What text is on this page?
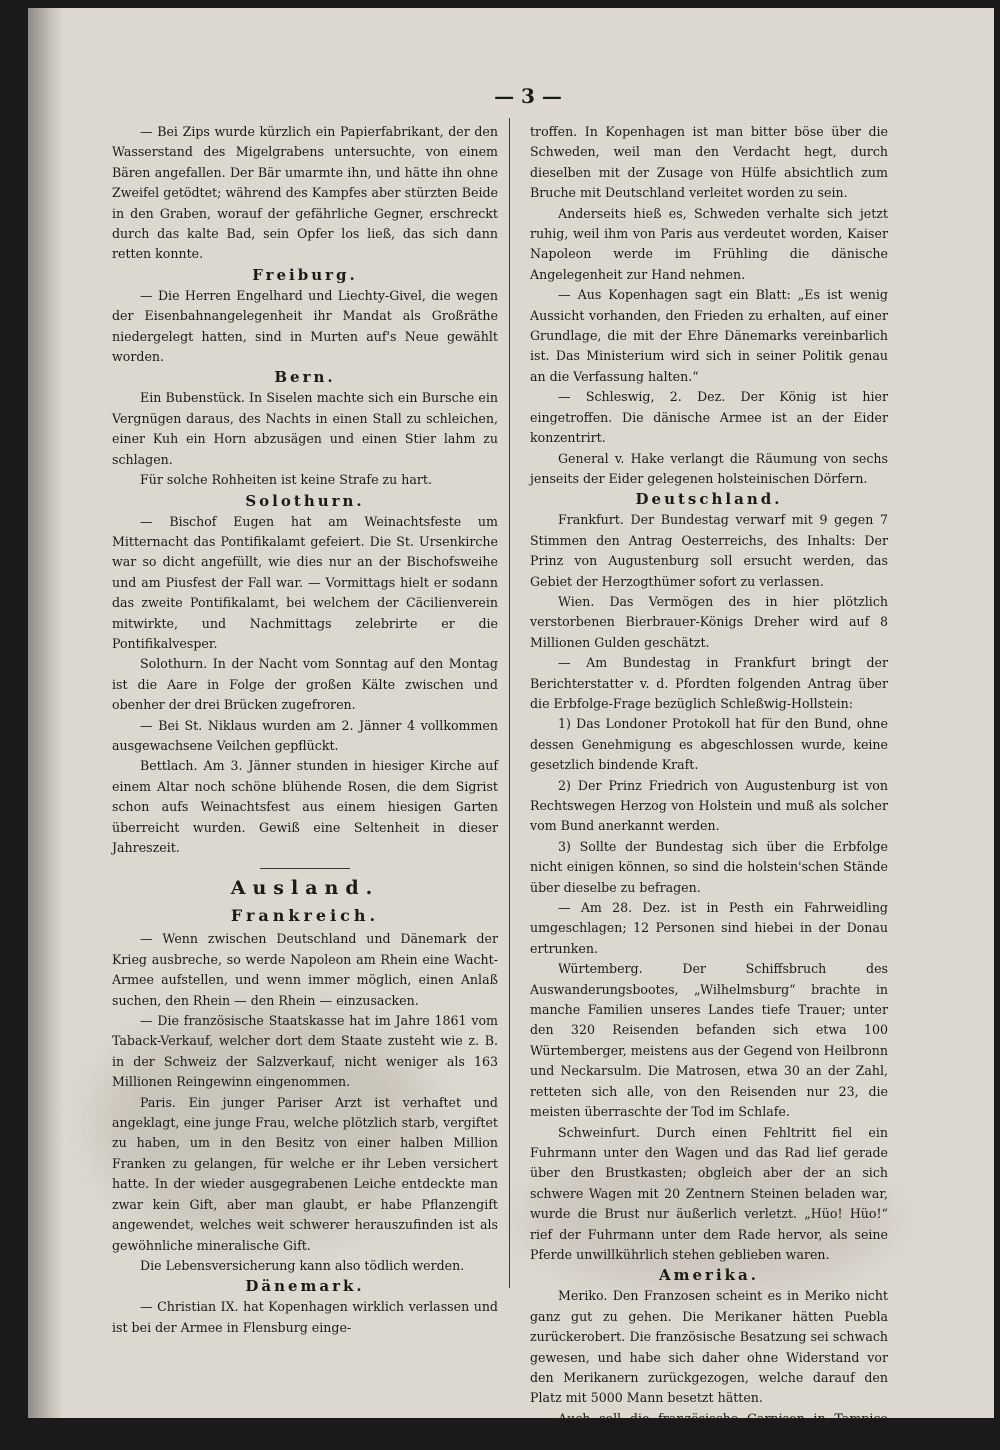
— 3 —

— Bei Zips wurde kürzlich ein Papierfabrikant, der den Wasserstand des Migelgrabens untersuchte, von einem Bären angefallen. Der Bär umarmte ihn, und hätte ihn ohne Zweifel getödtet; während des Kampfes aber stürzten Beide in den Graben, worauf der gefährliche Gegner, erschreckt durch das kalte Bad, sein Opfer los ließ, das sich dann retten konnte.

Freiburg.

— Die Herren Engelhard und Liechty-Givel, die wegen der Eisenbahnangelegenheit ihr Mandat als Großräthe niedergelegt hatten, sind in Murten auf's Neue gewählt worden.

Bern.

Ein Bubenstück. In Siselen machte sich ein Bursche ein Vergnügen daraus, des Nachts in einen Stall zu schleichen, einer Kuh ein Horn abzusägen und einen Stier lahm zu schlagen.

Für solche Rohheiten ist keine Strafe zu hart.

Solothurn.

— Bischof Eugen hat am Weinachtsfeste um Mitternacht das Pontifikalamt gefeiert. Die St. Ursenkirche war so dicht angefüllt, wie dies nur an der Bischofsweihe und am Piusfest der Fall war. — Vormittags hielt er sodann das zweite Pontifikalamt, bei welchem der Cäcilienverein mitwirkte, und Nachmittags zelebrirte er die Pontifikalvesper.

Solothurn. In der Nacht vom Sonntag auf den Montag ist die Aare in Folge der großen Kälte zwischen und obenher der drei Brücken zugefroren.

— Bei St. Niklaus wurden am 2. Jänner 4 vollkommen ausgewachsene Veilchen gepflückt.

Bettlach. Am 3. Jänner stunden in hiesiger Kirche auf einem Altar noch schöne blühende Rosen, die dem Sigrist schon aufs Weinachtsfest aus einem hiesigen Garten überreicht wurden. Gewiß eine Seltenheit in dieser Jahreszeit.

Ausland.

Frankreich.

— Wenn zwischen Deutschland und Dänemark der Krieg ausbreche, so werde Napoleon am Rhein eine Wacht-Armee aufstellen, und wenn immer möglich, einen Anlaß suchen, den Rhein — den Rhein — einzusacken.

— Die französische Staatskasse hat im Jahre 1861 vom Taback-Verkauf, welcher dort dem Staate zusteht wie z. B. in der Schweiz der Salzverkauf, nicht weniger als 163 Millionen Reingewinn eingenommen.

Paris. Ein junger Pariser Arzt ist verhaftet und angeklagt, eine junge Frau, welche plötzlich starb, vergiftet zu haben, um in den Besitz von einer halben Million Franken zu gelangen, für welche er ihr Leben versichert hatte. In der wieder ausgegrabenen Leiche entdeckte man zwar kein Gift, aber man glaubt, er habe Pflanzengift angewendet, welches weit schwerer herauszufinden ist als gewöhnliche mineralische Gift.

Die Lebensversicherung kann also tödlich werden.

Dänemark.

— Christian IX. hat Kopenhagen wirklich verlassen und ist bei der Armee in Flensburg einge-

troffen. In Kopenhagen ist man bitter böse über die Schweden, weil man den Verdacht hegt, durch dieselben mit der Zusage von Hülfe absichtlich zum Bruche mit Deutschland verleitet worden zu sein.

Anderseits hieß es, Schweden verhalte sich jetzt ruhig, weil ihm von Paris aus verdeutet worden, Kaiser Napoleon werde im Frühling die dänische Angelegenheit zur Hand nehmen.

— Aus Kopenhagen sagt ein Blatt: „Es ist wenig Aussicht vorhanden, den Frieden zu erhalten, auf einer Grundlage, die mit der Ehre Dänemarks vereinbarlich ist. Das Ministerium wird sich in seiner Politik genau an die Verfassung halten.“

— Schleswig, 2. Dez. Der König ist hier eingetroffen. Die dänische Armee ist an der Eider konzentrirt.

General v. Hake verlangt die Räumung von sechs jenseits der Eider gelegenen holsteinischen Dörfern.

Deutschland.

Frankfurt. Der Bundestag verwarf mit 9 gegen 7 Stimmen den Antrag Oesterreichs, des Inhalts: Der Prinz von Augustenburg soll ersucht werden, das Gebiet der Herzogthümer sofort zu verlassen.

Wien. Das Vermögen des in hier plötzlich verstorbenen Bierbrauer-Königs Dreher wird auf 8 Millionen Gulden geschätzt.

— Am Bundestag in Frankfurt bringt der Berichterstatter v. d. Pfordten folgenden Antrag über die Erbfolge-Frage bezüglich Schleßwig-Hollstein:

1) Das Londoner Protokoll hat für den Bund, ohne dessen Genehmigung es abgeschlossen wurde, keine gesetzlich bindende Kraft.

2) Der Prinz Friedrich von Augustenburg ist von Rechtswegen Herzog von Holstein und muß als solcher vom Bund anerkannt werden.

3) Sollte der Bundestag sich über die Erbfolge nicht einigen können, so sind die holstein'schen Stände über dieselbe zu befragen.

— Am 28. Dez. ist in Pesth ein Fahrweidling umgeschlagen; 12 Personen sind hiebei in der Donau ertrunken.

Würtemberg. Der Schiffsbruch des Auswanderungsbootes, „Wilhelmsburg“ brachte in manche Familien unseres Landes tiefe Trauer; unter den 320 Reisenden befanden sich etwa 100 Würtemberger, meistens aus der Gegend von Heilbronn und Neckarsulm. Die Matrosen, etwa 30 an der Zahl, retteten sich alle, von den Reisenden nur 23, die meisten überraschte der Tod im Schlafe.

Schweinfurt. Durch einen Fehltritt fiel ein Fuhrmann unter den Wagen und das Rad lief gerade über den Brustkasten; obgleich aber der an sich schwere Wagen mit 20 Zentnern Steinen beladen war, wurde die Brust nur äußerlich verletzt. „Hüo! Hüo!“ rief der Fuhrmann unter dem Rade hervor, als seine Pferde unwillkührlich stehen geblieben waren.

Amerika.

Meriko. Den Franzosen scheint es in Meriko nicht ganz gut zu gehen. Die Merikaner hätten Puebla zurückerobert. Die französische Besatzung sei schwach gewesen, und habe sich daher ohne Widerstand vor den Merikanern zurückgezogen, welche darauf den Platz mit 5000 Mann besetzt hätten.

Auch soll die französische Garnison in Tampico umzingelt sein.
